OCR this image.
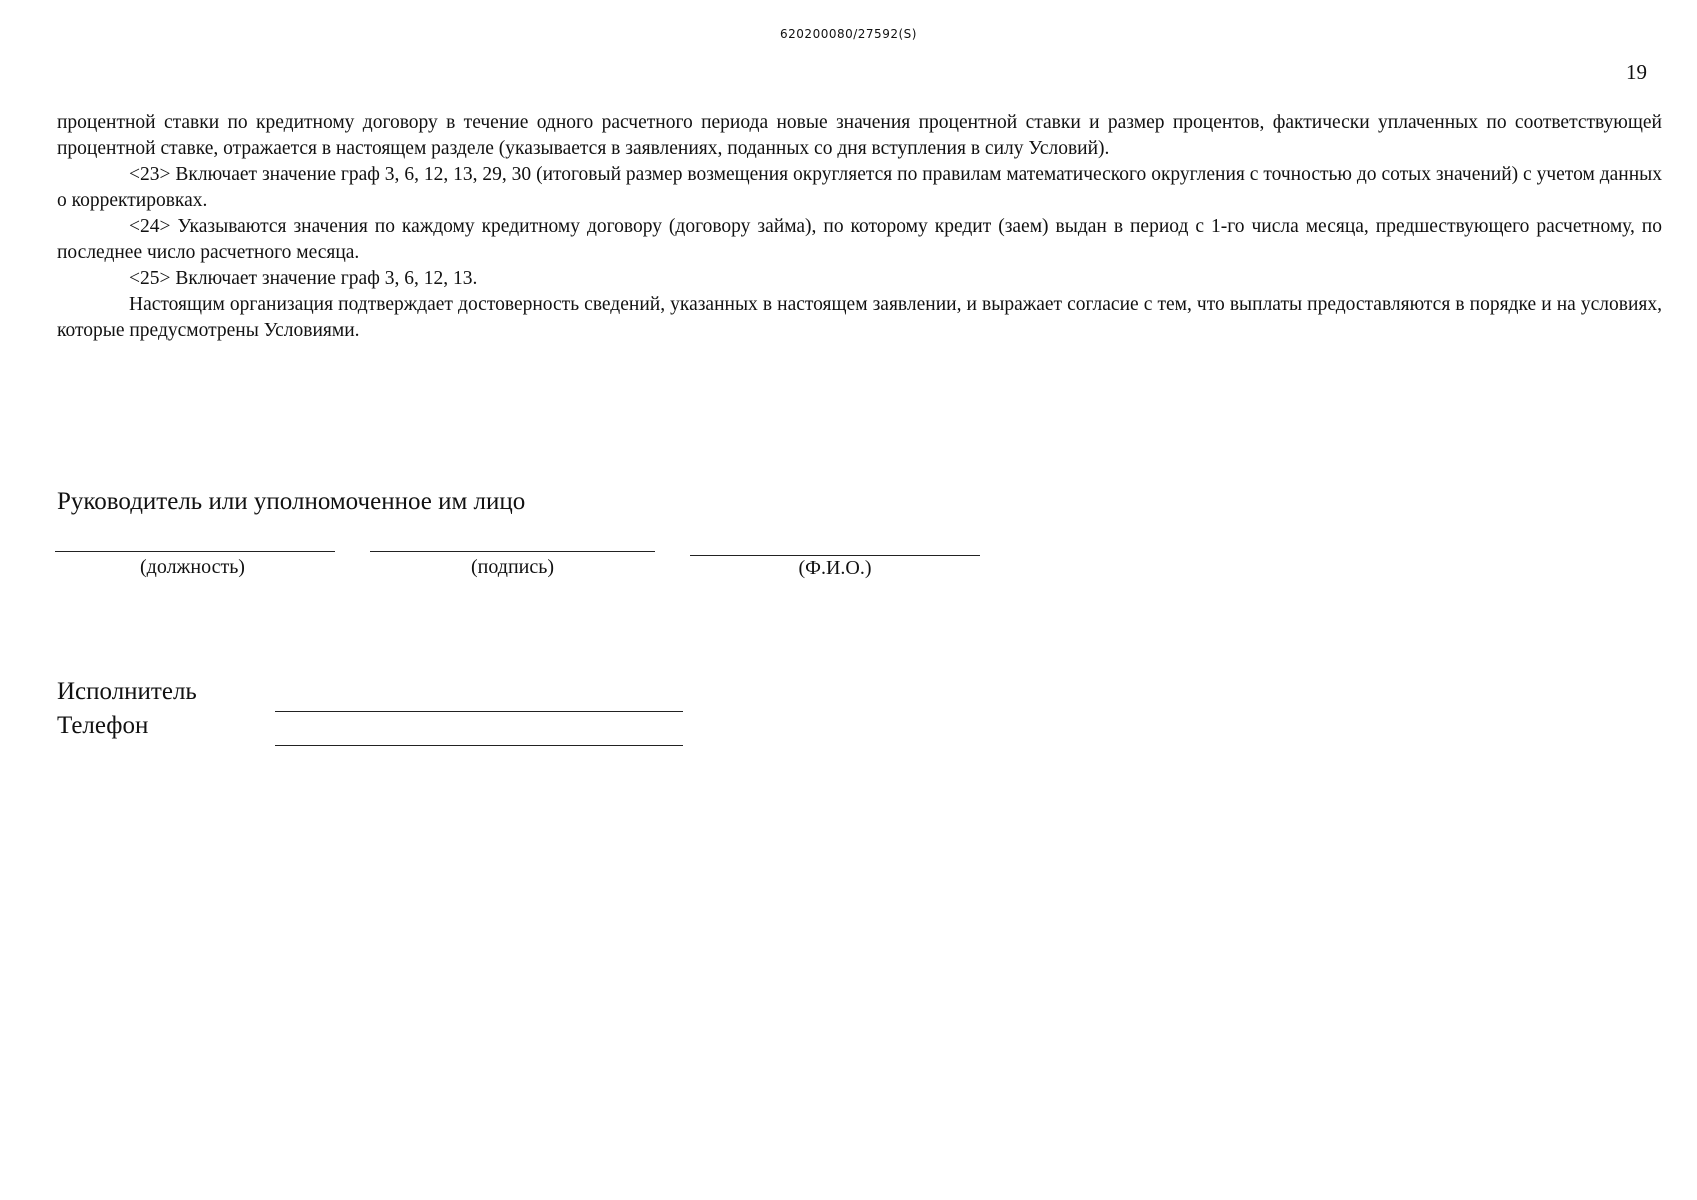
620200080/27592(S)
19

процентной ставки по кредитному договору в течение одного расчетного периода новые значения процентной ставки и размер процентов, фактически уплаченных по соответствующей процентной ставке, отражается в настоящем разделе (указывается в заявлениях, поданных со дня вступления в силу Условий).

<23> Включает значение граф 3, 6, 12, 13, 29, 30 (итоговый размер возмещения округляется по правилам математического округления с точностью до сотых значений) с учетом данных о корректировках.

<24> Указываются значения по каждому кредитному договору (договору займа), по которому кредит (заем) выдан в период с 1-го числа месяца, предшествующего расчетному, по последнее число расчетного месяца.

<25> Включает значение граф 3, 6, 12, 13.

Настоящим организация подтверждает достоверность сведений, указанных в настоящем заявлении, и выражает согласие с тем, что выплаты предоставляются в порядке и на условиях, которые предусмотрены Условиями.

Руководитель или уполномоченное им лицо
(должность)	(подпись)	(Ф.И.О.)
Исполнитель
Телефон
